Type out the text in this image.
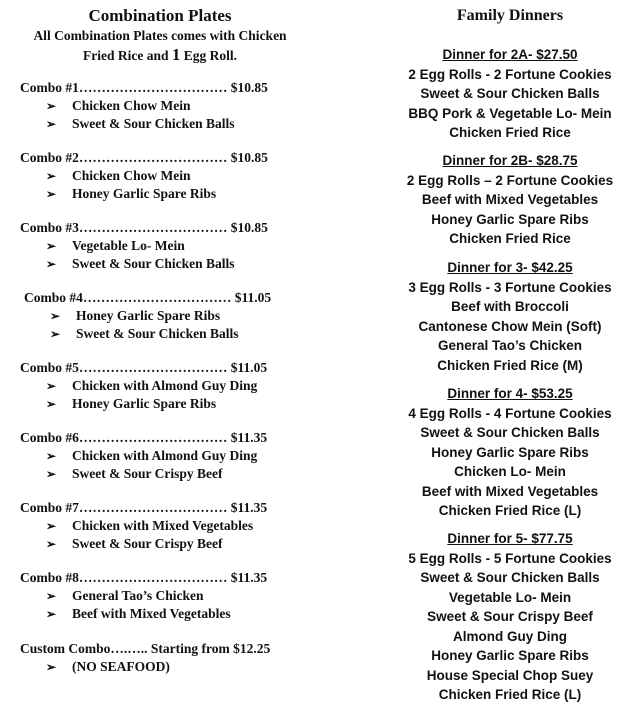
Combination Plates
All Combination Plates comes with Chicken
Fried Rice and 1 Egg Roll.
Combo #1…………………………… $10.85
➢	Chicken Chow Mein
➢	Sweet & Sour Chicken Balls
Combo #2…………………………… $10.85
➢	Chicken Chow Mein
➢	Honey Garlic Spare Ribs
Combo #3…………………………… $10.85
➢	Vegetable Lo- Mein
➢	Sweet & Sour Chicken Balls
Combo #4…………………………… $11.05
➢	Honey Garlic Spare Ribs
➢	Sweet & Sour Chicken Balls
Combo #5…………………………… $11.05
➢	Chicken with Almond Guy Ding
➢	Honey Garlic Spare Ribs
Combo #6…………………………… $11.35
➢	Chicken with Almond Guy Ding
➢	Sweet & Sour Crispy Beef
Combo #7…………………………… $11.35
➢	Chicken with Mixed Vegetables
➢	Sweet & Sour Crispy Beef
Combo #8…………………………… $11.35
➢	General Tao’s Chicken
➢	Beef with Mixed Vegetables
Custom Combo….….. Starting from $12.25
➢	(NO SEAFOOD)
Family Dinners
Dinner for 2A- $27.50
2 Egg Rolls - 2 Fortune Cookies
Sweet & Sour Chicken Balls
BBQ Pork & Vegetable Lo- Mein
Chicken Fried Rice
Dinner for 2B- $28.75
2 Egg Rolls – 2 Fortune Cookies
Beef with Mixed Vegetables
Honey Garlic Spare Ribs
Chicken Fried Rice
Dinner for 3- $42.25
3 Egg Rolls - 3 Fortune Cookies
Beef with Broccoli
Cantonese Chow Mein (Soft)
General Tao’s Chicken
Chicken Fried Rice (M)
Dinner for 4- $53.25
4 Egg Rolls - 4 Fortune Cookies
Sweet & Sour Chicken Balls
Honey Garlic Spare Ribs
Chicken Lo- Mein
Beef with Mixed Vegetables
Chicken Fried Rice (L)
Dinner for 5- $77.75
5 Egg Rolls - 5 Fortune Cookies
Sweet & Sour Chicken Balls
Vegetable Lo- Mein
Sweet & Sour Crispy Beef
Almond Guy Ding
Honey Garlic Spare Ribs
House Special Chop Suey
Chicken Fried Rice (L)
